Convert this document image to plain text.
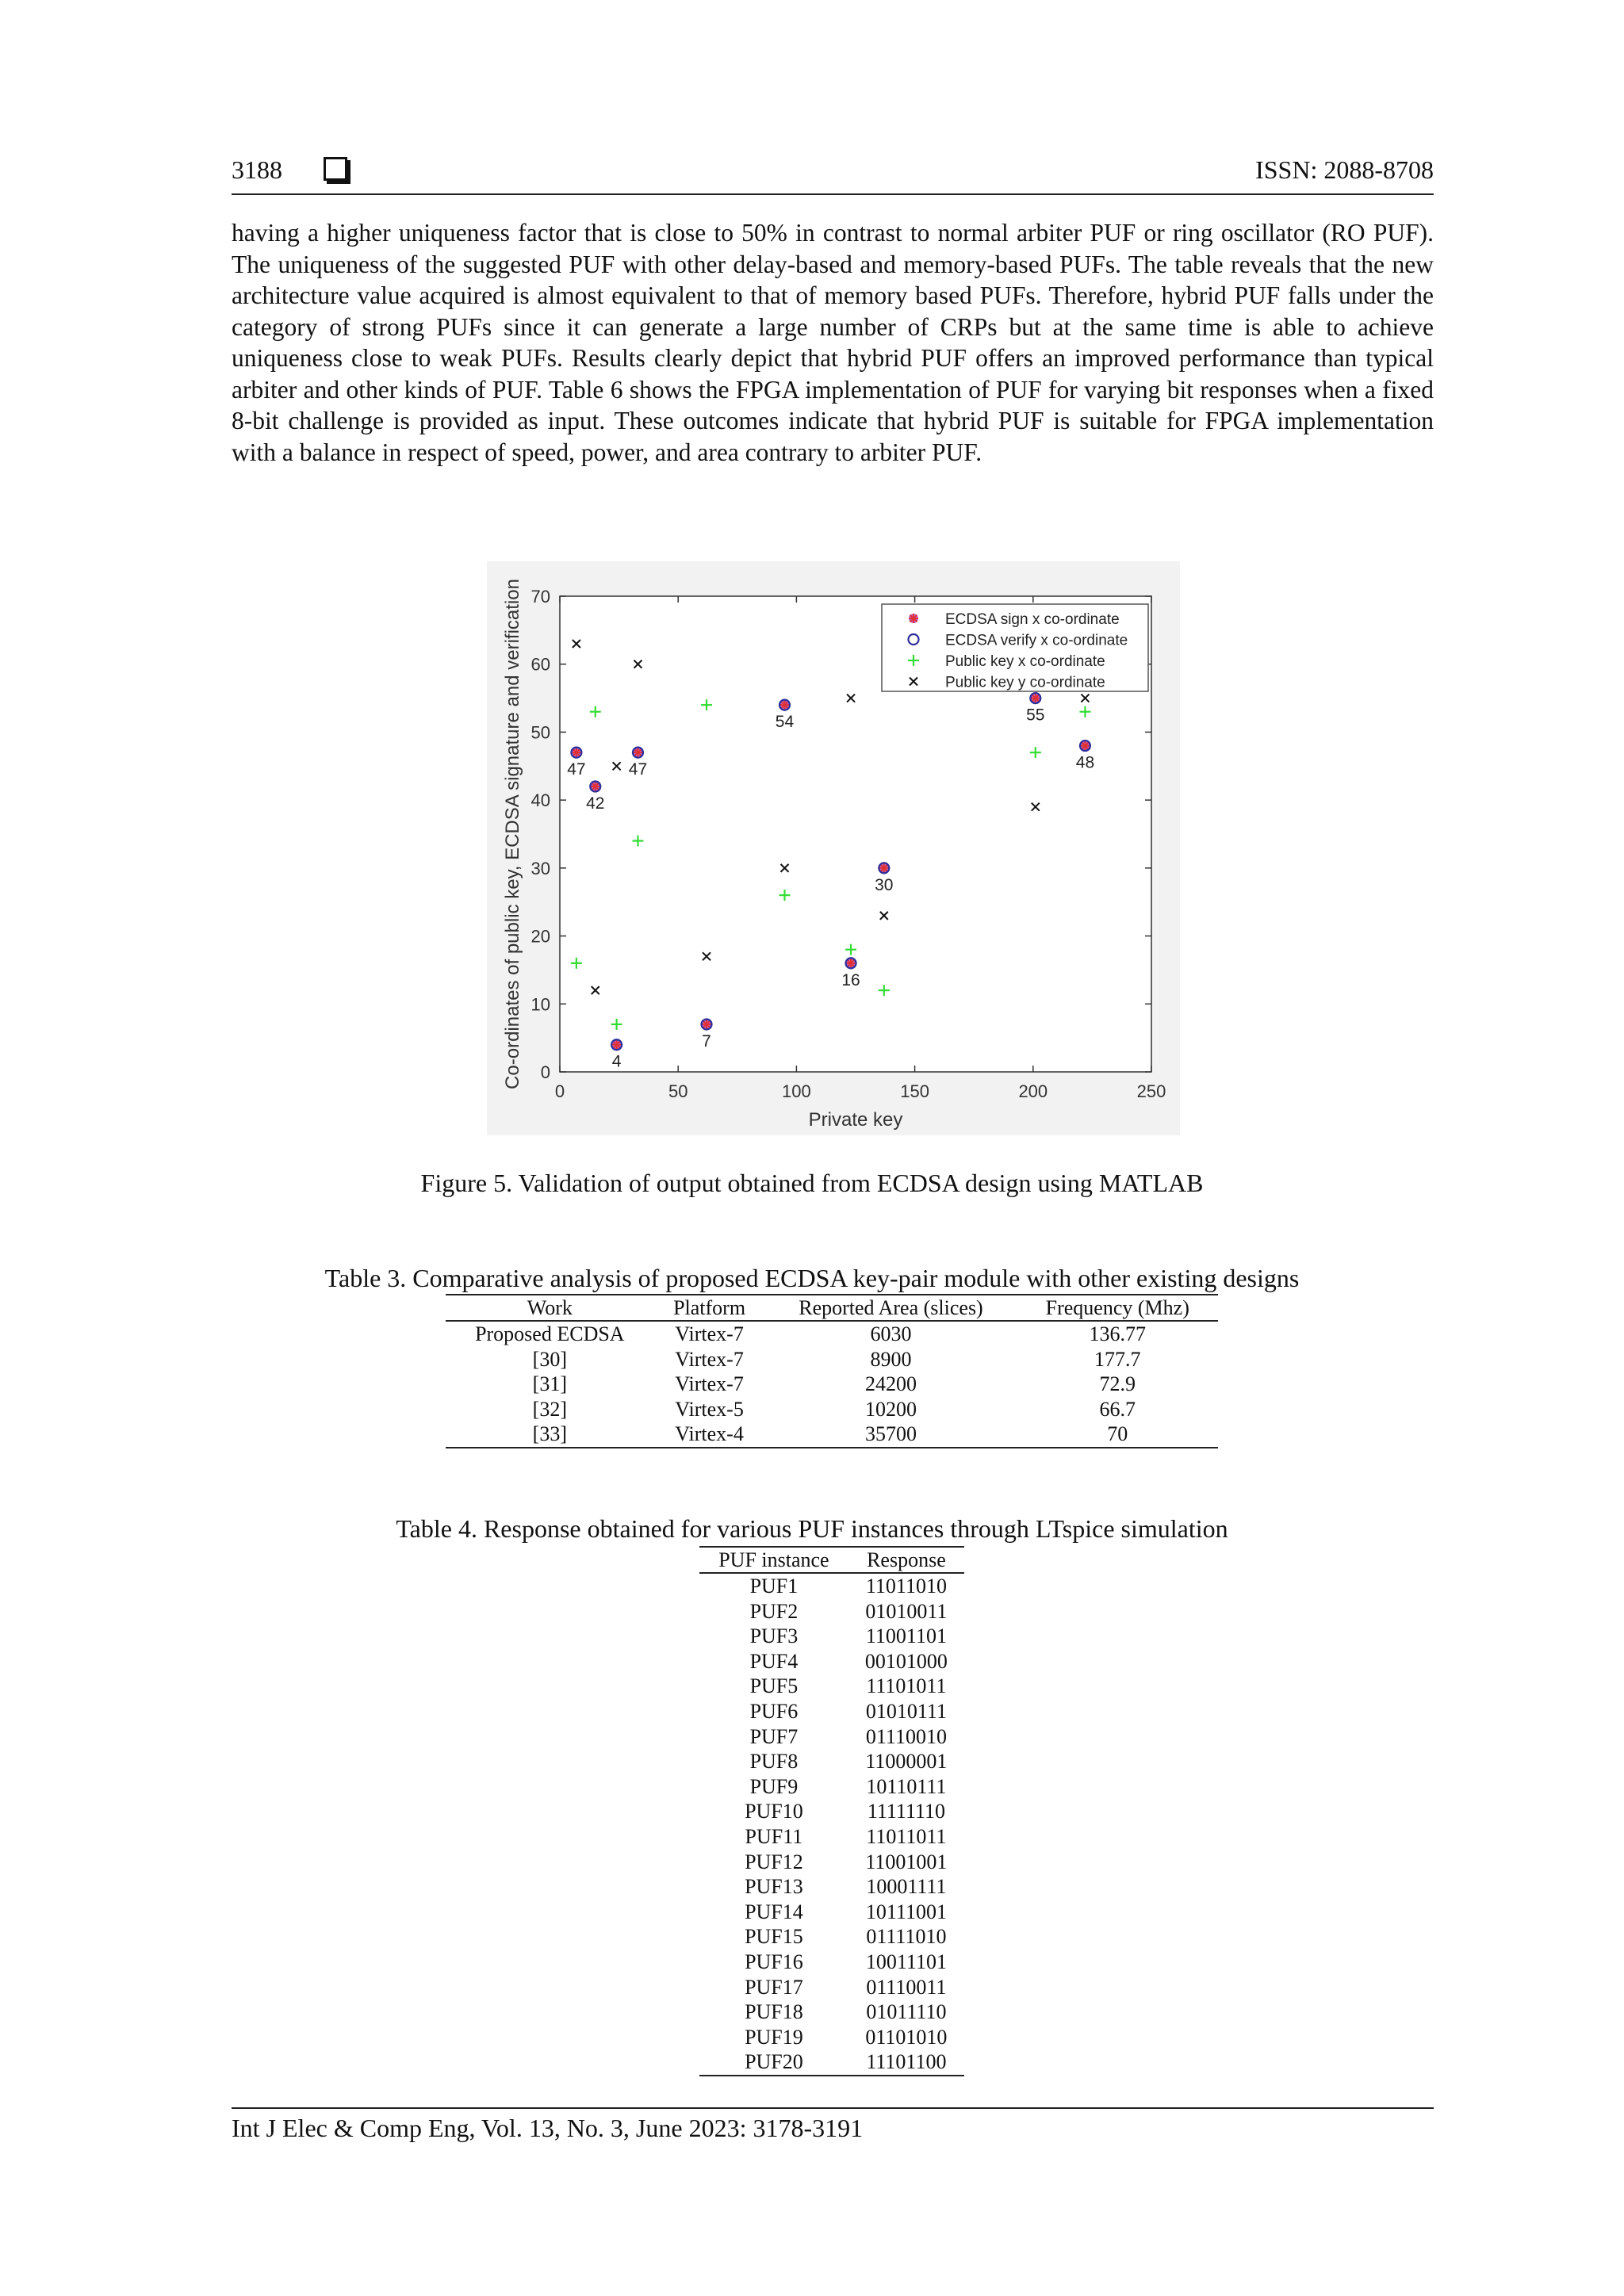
3188	ISSN: 2088-8708

having a higher uniqueness factor that is close to 50% in contrast to normal arbiter PUF or ring oscillator (RO PUF). The uniqueness of the suggested PUF with other delay-based and memory-based PUFs. The table reveals that the new architecture value acquired is almost equivalent to that of memory based PUFs. Therefore, hybrid PUF falls under the category of strong PUFs since it can generate a large number of CRPs but at the same time is able to achieve uniqueness close to weak PUFs. Results clearly depict that hybrid PUF offers an improved performance than typical arbiter and other kinds of PUF. Table 6 shows the FPGA implementation of PUF for varying bit responses when a fixed 8-bit challenge is provided as input. These outcomes indicate that hybrid PUF is suitable for FPGA implementation with a balance in respect of speed, power, and area contrary to arbiter PUF.

0	50	100	150	200	250
0
10
20
30
40
50
60
70
Private key
Co-ordinates of public key, ECDSA signature and verification	47
42
4
47
7
54
16
30
55
48
ECDSA sign x co-ordinate
ECDSA verify x co-ordinate
Public key x co-ordinate
Public key y co-ordinate
Figure 5. Validation of output obtained from ECDSA design using MATLAB
Table 3. Comparative analysis of proposed ECDSA key-pair module with other existing designs
Work	Platform	Reported Area (slices)	Frequency (Mhz)
Proposed ECDSA	Virtex-7	6030	136.77
[30]	Virtex-7	8900	177.7
[31]	Virtex-7	24200	72.9
[32]	Virtex-5	10200	66.7
[33]	Virtex-4	35700	70
Table 4. Response obtained for various PUF instances through LTspice simulation
PUF instance	Response
PUF1	11011010
PUF2	01010011
PUF3	11001101
PUF4	00101000
PUF5	11101011
PUF6	01010111
PUF7	01110010
PUF8	11000001
PUF9	10110111
PUF10	11111110
PUF11	11011011
PUF12	11001001
PUF13	10001111
PUF14	10111001
PUF15	01111010
PUF16	10011101
PUF17	01110011
PUF18	01011110
PUF19	01101010
PUF20	11101100
Int J Elec & Comp Eng, Vol. 13, No. 3, June 2023: 3178-3191
